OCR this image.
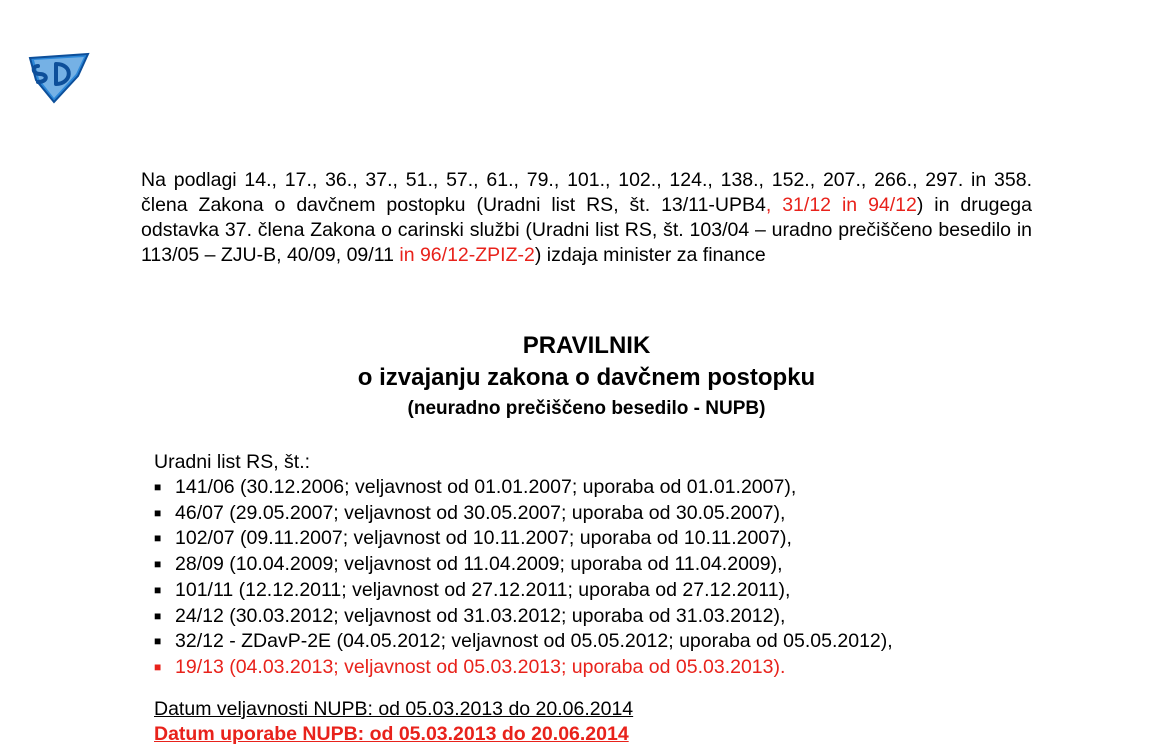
Na podlagi 14., 17., 36., 37., 51., 57., 61., 79., 101., 102., 124., 138., 152., 207., 266., 297. in 358. člena Zakona o davčnem postopku (Uradni list RS, št. 13/11-UPB4, 31/12 in 94/12) in drugega odstavka 37. člena Zakona o carinski službi (Uradni list RS, št. 103/04 – uradno prečiščeno besedilo in 113/05 – ZJU-B, 40/09, 09/11 in 96/12-ZPIZ-2) izdaja minister za finance

PRAVILNIK
o izvajanju zakona o davčnem postopku
(neuradno prečiščeno besedilo - NUPB)
Uradni list RS, št.:
■ 141/06 (30.12.2006; veljavnost od 01.01.2007; uporaba od 01.01.2007),
■ 46/07 (29.05.2007; veljavnost od 30.05.2007; uporaba od 30.05.2007),
■ 102/07 (09.11.2007; veljavnost od 10.11.2007; uporaba od 10.11.2007),
■ 28/09 (10.04.2009; veljavnost od 11.04.2009; uporaba od 11.04.2009),
■ 101/11 (12.12.2011; veljavnost od 27.12.2011; uporaba od 27.12.2011),
■ 24/12 (30.03.2012; veljavnost od 31.03.2012; uporaba od 31.03.2012),
■ 32/12 - ZDavP-2E (04.05.2012; veljavnost od 05.05.2012; uporaba od 05.05.2012),
■ 19/13 (04.03.2013; veljavnost od 05.03.2013; uporaba od 05.03.2013).
Datum veljavnosti NUPB: od 05.03.2013 do 20.06.2014
Datum uporabe NUPB: od 05.03.2013 do 20.06.2014
